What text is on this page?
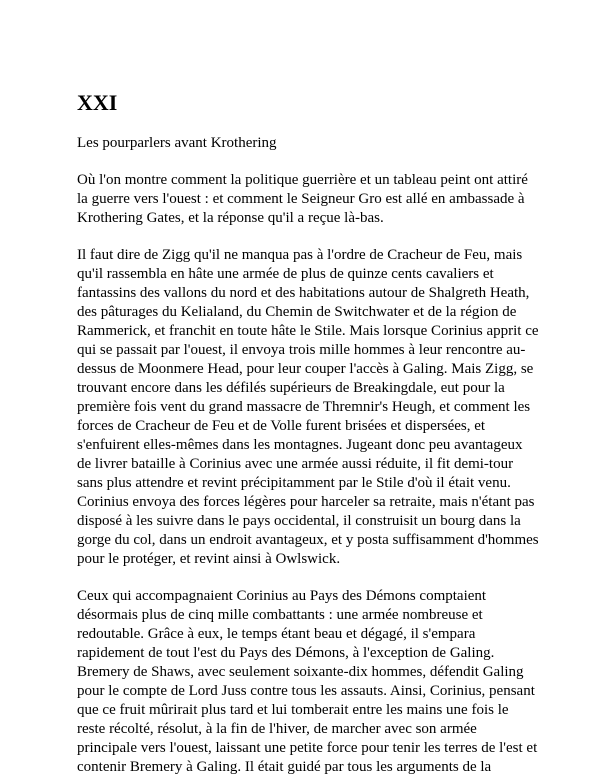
XXI
Les pourparlers avant Krothering

Où l'on montre comment la politique guerrière et un tableau peint ont attiré la guerre vers l'ouest : et comment le Seigneur Gro est allé en ambassade à Krothering Gates, et la réponse qu'il a reçue là-bas.

Il faut dire de Zigg qu'il ne manqua pas à l'ordre de Cracheur de Feu, mais qu'il rassembla en hâte une armée de plus de quinze cents cavaliers et fantassins des vallons du nord et des habitations autour de Shalgreth Heath, des pâturages du Kelialand, du Chemin de Switchwater et de la région de Rammerick, et franchit en toute hâte le Stile. Mais lorsque Corinius apprit ce qui se passait par l'ouest, il envoya trois mille hommes à leur rencontre au-dessus de Moonmere Head, pour leur couper l'accès à Galing. Mais Zigg, se trouvant encore dans les défilés supérieurs de Breakingdale, eut pour la première fois vent du grand massacre de Thremnir's Heugh, et comment les forces de Cracheur de Feu et de Volle furent brisées et dispersées, et s'enfuirent elles-mêmes dans les montagnes. Jugeant donc peu avantageux de livrer bataille à Corinius avec une armée aussi réduite, il fit demi-tour sans plus attendre et revint précipitamment par le Stile d'où il était venu. Corinius envoya des forces légères pour harceler sa retraite, mais n'étant pas disposé à les suivre dans le pays occidental, il construisit un bourg dans la gorge du col, dans un endroit avantageux, et y posta suffisamment d'hommes pour le protéger, et revint ainsi à Owlswick.

Ceux qui accompagnaient Corinius au Pays des Démons comptaient désormais plus de cinq mille combattants : une armée nombreuse et redoutable. Grâce à eux, le temps étant beau et dégagé, il s'empara rapidement de tout l'est du Pays des Démons, à l'exception de Galing. Bremery de Shaws, avec seulement soixante-dix hommes, défendit Galing pour le compte de Lord Juss contre tous les assauts. Ainsi, Corinius, pensant que ce fruit mûrirait plus tard et lui tomberait entre les mains une fois le reste récolté, résolut, à la fin de l'hiver, de marcher avec son armée principale vers l'ouest, laissant une petite force pour tenir les terres de l'est et contenir Bremery à Galing. Il était guidé par tous les arguments de la
